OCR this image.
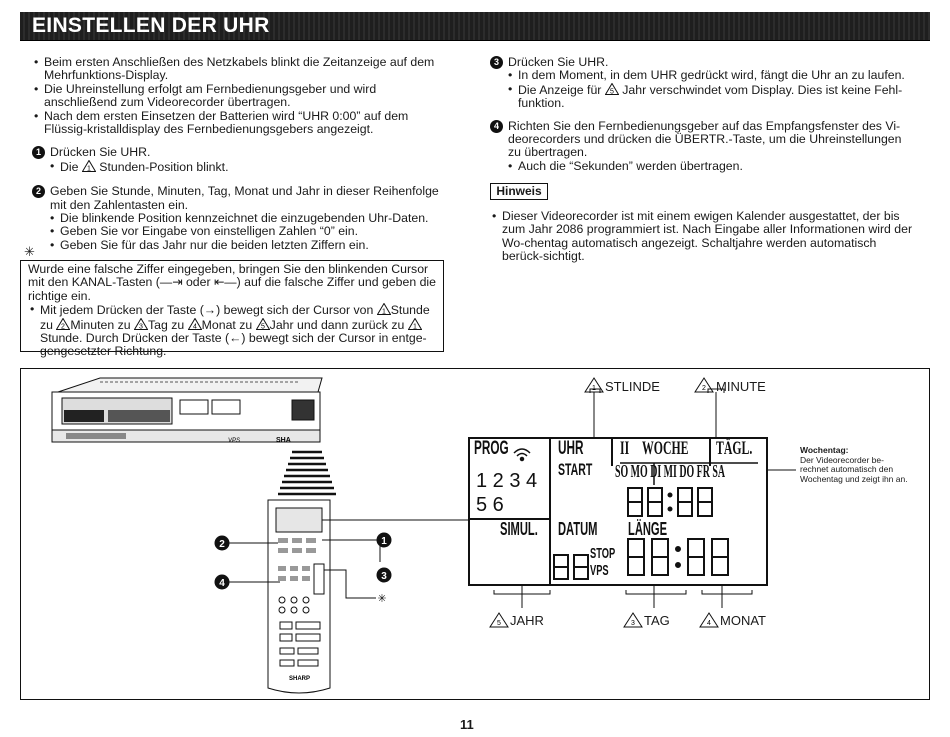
EINSTELLEN DER UHR
• Beim ersten Anschließen des Netzkabels blinkt die Zeitanzeige auf dem Mehrfunktions-Display.
• Die Uhreinstellung erfolgt am Fernbedienungsgeber und wird anschließend zum Videorecorder übertragen.
• Nach dem ersten Einsetzen der Batterien wird “UHR 0:00” auf dem Flüssig-kristalldisplay des Fernbedienungsgebers angezeigt.
1 Drücken Sie UHR.
• Die 1 Stunden-Position blinkt.
2 Geben Sie Stunde, Minuten, Tag, Monat und Jahr in dieser Reihenfolge mit den Zahlentasten ein.
• Die blinkende Position kennzeichnet die einzugebenden Uhr-Daten.
• Geben Sie vor Eingabe von einstelligen Zahlen “0” ein.
• Geben Sie für das Jahr nur die beiden letzten Ziffern ein.
✳
Wurde eine falsche Ziffer eingegeben, bringen Sie den blinkenden Cursor mit den KANAL-Tasten (—⇥ oder ⇤—) auf die falsche Ziffer und geben die richtige ein.
• Mit jedem Drücken der Taste (→) bewegt sich der Cursor von 1 Stunde zu 2 Minuten zu 3 Tag zu 4 Monat zu 5 Jahr und dann zurück zu 1
Stunde. Durch Drücken der Taste (←) bewegt sich der Cursor in entge-gengesetzter Richtung.
3 Drücken Sie UHR.
• In dem Moment, in dem UHR gedrückt wird, fängt die Uhr an zu laufen.
• Die Anzeige für 5 Jahr verschwindet vom Display. Dies ist keine Fehl-funktion.
4 Richten Sie den Fernbedienungsgeber auf das Empfangsfenster des Vi-deorecorders und drücken die ÜBERTR.-Taste, um die Uhreinstellungen zu übertragen.
• Auch die “Sekunden” werden übertragen.
Hinweis
• Dieser Videorecorder ist mit einem ewigen Kalender ausgestattet, der bis zum Jahr 2086 programmiert ist. Nach Eingabe aller Informationen wird der Wo-chentag automatisch angezeigt. Schaltjahre werden automatisch berück-sichtigt.
VPS	SHA
SHARP
2	1
4
3
✳
1	2
5	3	4
STLINDE	MINUTE
JAHR	TAG	MONAT
PROG	UHR
START
II WOCHE TÄGL.
SO MO DI MI DO FR SA
1 2 3 4
5 6
SIMUL. DATUM LÄNGE
STOP
VPS
Wochentag:
Der Videorecorder be-rechnet automatisch den Wochentag und zeigt ihn an.
11
